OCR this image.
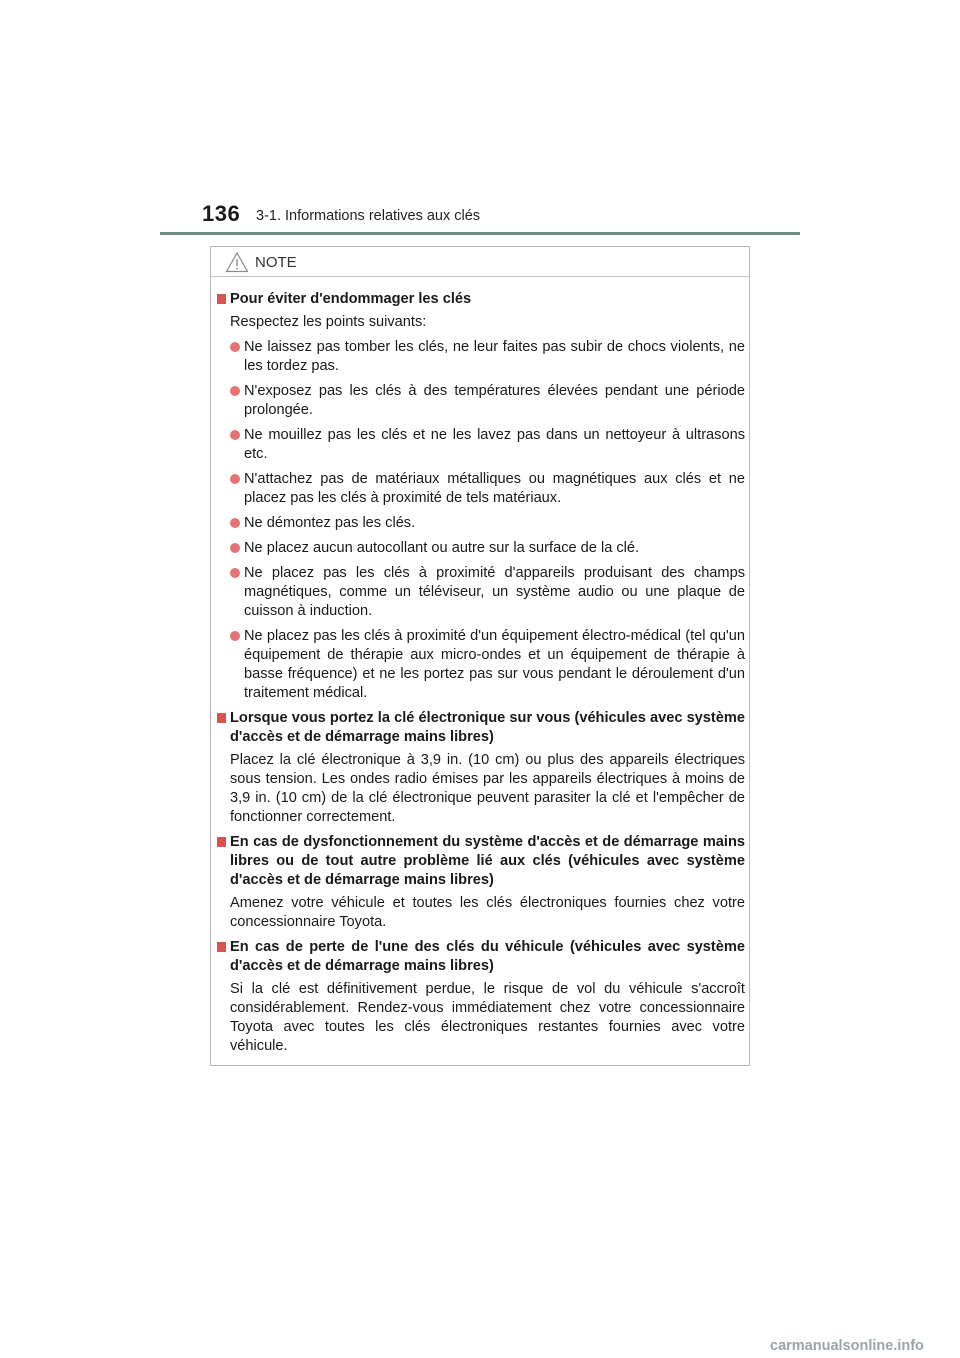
136 3-1. Informations relatives aux clés
NOTE
Pour éviter d'endommager les clés
Respectez les points suivants:
Ne laissez pas tomber les clés, ne leur faites pas subir de chocs violents, ne les tordez pas.
N'exposez pas les clés à des températures élevées pendant une période prolongée.
Ne mouillez pas les clés et ne les lavez pas dans un nettoyeur à ultrasons etc.
N'attachez pas de matériaux métalliques ou magnétiques aux clés et ne placez pas les clés à proximité de tels matériaux.
Ne démontez pas les clés.
Ne placez aucun autocollant ou autre sur la surface de la clé.
Ne placez pas les clés à proximité d'appareils produisant des champs magnétiques, comme un téléviseur, un système audio ou une plaque de cuisson à induction.
Ne placez pas les clés à proximité d'un équipement électro-médical (tel qu'un équipement de thérapie aux micro-ondes et un équipement de thérapie à basse fréquence) et ne les portez pas sur vous pendant le déroulement d'un traitement médical.
Lorsque vous portez la clé électronique sur vous (véhicules avec système d'accès et de démarrage mains libres)
Placez la clé électronique à 3,9 in. (10 cm) ou plus des appareils électriques sous tension. Les ondes radio émises par les appareils électriques à moins de 3,9 in. (10 cm) de la clé électronique peuvent parasiter la clé et l'empêcher de fonctionner correctement.
En cas de dysfonctionnement du système d'accès et de démarrage mains libres ou de tout autre problème lié aux clés (véhicules avec système d'accès et de démarrage mains libres)
Amenez votre véhicule et toutes les clés électroniques fournies chez votre concessionnaire Toyota.
En cas de perte de l'une des clés du véhicule (véhicules avec système d'accès et de démarrage mains libres)
Si la clé est définitivement perdue, le risque de vol du véhicule s'accroît considérablement. Rendez-vous immédiatement chez votre concessionnaire Toyota avec toutes les clés électroniques restantes fournies avec votre véhicule.
carmanualsonline.info
